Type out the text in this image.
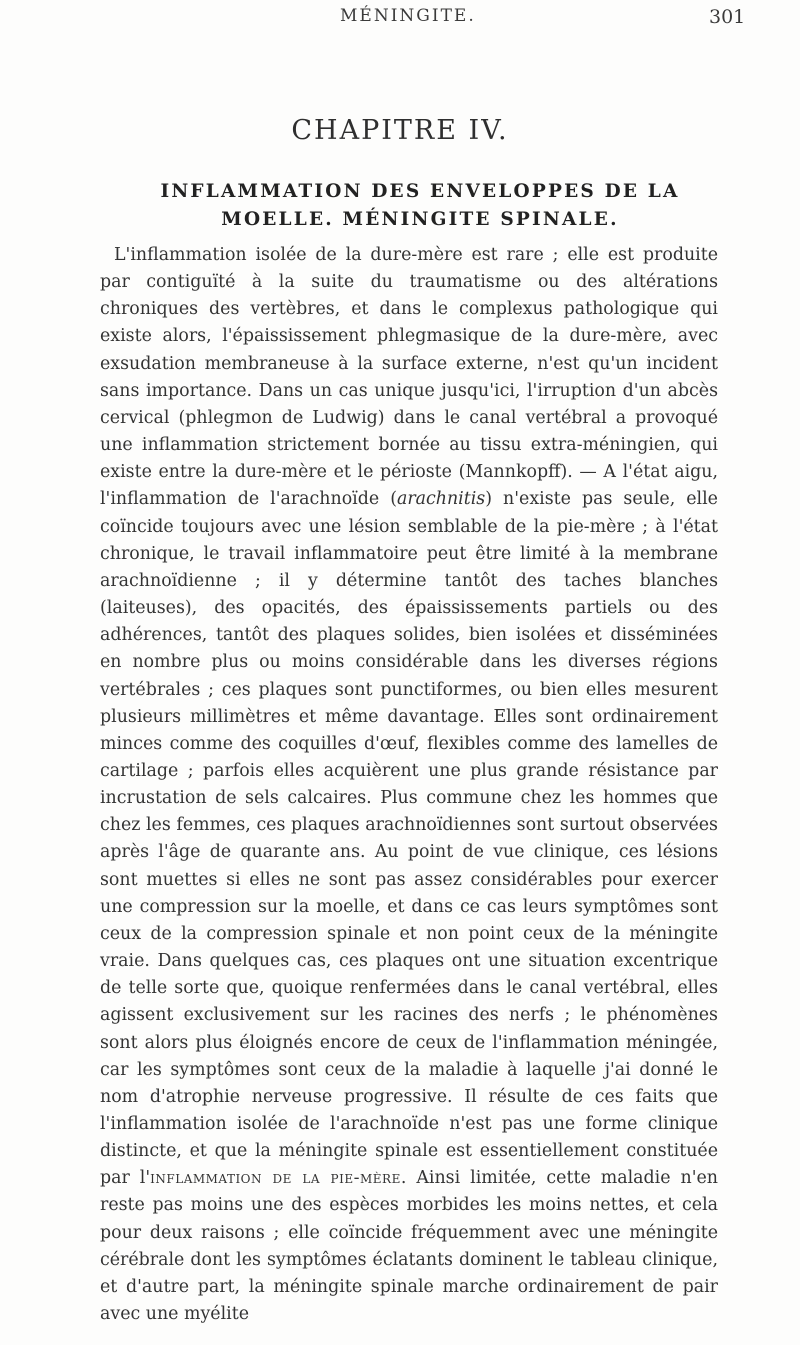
MÉNINGITE.	301
CHAPITRE IV.
INFLAMMATION DES ENVELOPPES DE LA MOELLE. MÉNINGITE SPINALE.

L'inflammation isolée de la dure-mère est rare ; elle est produite par contiguïté à la suite du traumatisme ou des altérations chroniques des vertèbres, et dans le complexus pathologique qui existe alors, l'épaississement phlegmasique de la dure-mère, avec exsudation membraneuse à la surface externe, n'est qu'un incident sans importance. Dans un cas unique jusqu'ici, l'irruption d'un abcès cervical (phlegmon de Ludwig) dans le canal vertébral a provoqué une inflammation strictement bornée au tissu extra-méningien, qui existe entre la dure-mère et le périoste (Mannkopff). — A l'état aigu, l'inflammation de l'arachnoïde (arachnitis) n'existe pas seule, elle coïncide toujours avec une lésion semblable de la pie-mère ; à l'état chronique, le travail inflammatoire peut être limité à la membrane arachnoïdienne ; il y détermine tantôt des taches blanches (laiteuses), des opacités, des épaississements partiels ou des adhérences, tantôt des plaques solides, bien isolées et disséminées en nombre plus ou moins considérable dans les diverses régions vertébrales ; ces plaques sont punctiformes, ou bien elles mesurent plusieurs millimètres et même davantage. Elles sont ordinairement minces comme des coquilles d'œuf, flexibles comme des lamelles de cartilage ; parfois elles acquièrent une plus grande résistance par incrustation de sels calcaires. Plus commune chez les hommes que chez les femmes, ces plaques arachnoïdiennes sont surtout observées après l'âge de quarante ans. Au point de vue clinique, ces lésions sont muettes si elles ne sont pas assez considérables pour exercer une compression sur la moelle, et dans ce cas leurs symptômes sont ceux de la compression spinale et non point ceux de la méningite vraie. Dans quelques cas, ces plaques ont une situation excentrique de telle sorte que, quoique renfermées dans le canal vertébral, elles agissent exclusivement sur les racines des nerfs ; le phénomènes sont alors plus éloignés encore de ceux de l'inflammation méningée, car les symptômes sont ceux de la maladie à laquelle j'ai donné le nom d'atrophie nerveuse progressive. Il résulte de ces faits que l'inflammation isolée de l'arachnoïde n'est pas une forme clinique distincte, et que la méningite spinale est essentiellement constituée par l'inflammation de la pie-mère. Ainsi limitée, cette maladie n'en reste pas moins une des espèces morbides les moins nettes, et cela pour deux raisons ; elle coïncide fréquemment avec une méningite cérébrale dont les symptômes éclatants dominent le tableau clinique, et d'autre part, la méningite spinale marche ordinairement de pair avec une myélite
